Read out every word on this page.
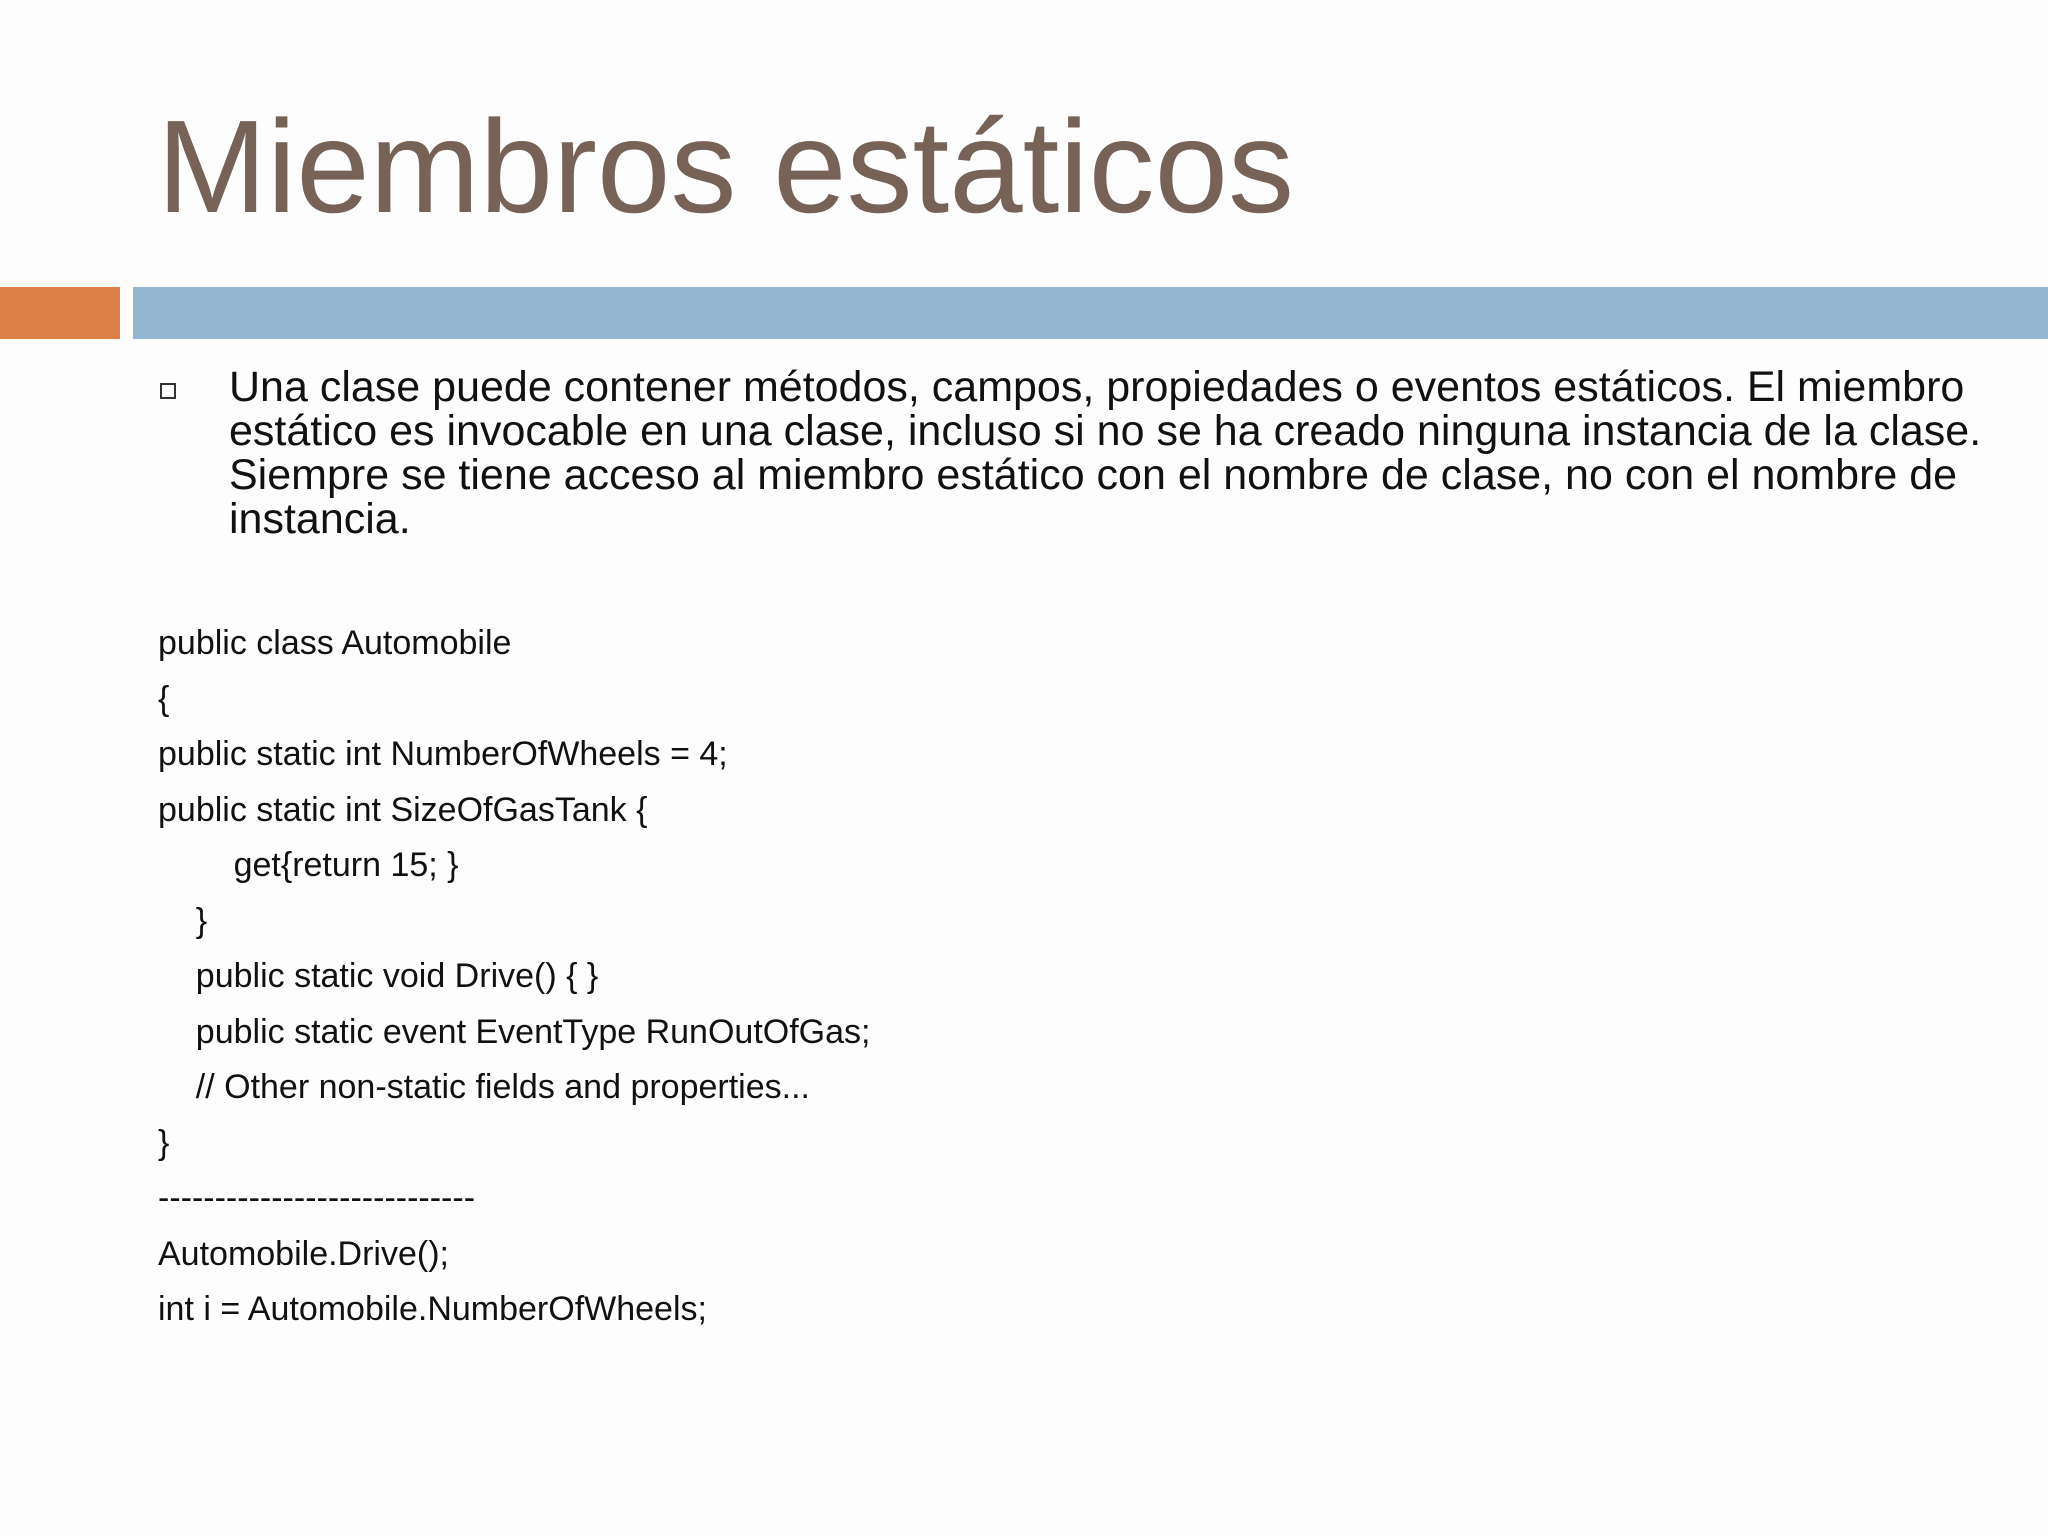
Miembros estáticos
Una clase puede contener métodos, campos, propiedades o eventos estáticos. El miembro estático es invocable en una clase, incluso si no se ha creado ninguna instancia de la clase. Siempre se tiene acceso al miembro estático con el nombre de clase, no con el nombre de instancia.
public class Automobile
{
public static int NumberOfWheels = 4;
public static int SizeOfGasTank {
get{return 15; }
}
public static void Drive() { }
public static event EventType RunOutOfGas;
// Other non-static fields and properties...
}
----------------------------
Automobile.Drive();
int i = Automobile.NumberOfWheels;
